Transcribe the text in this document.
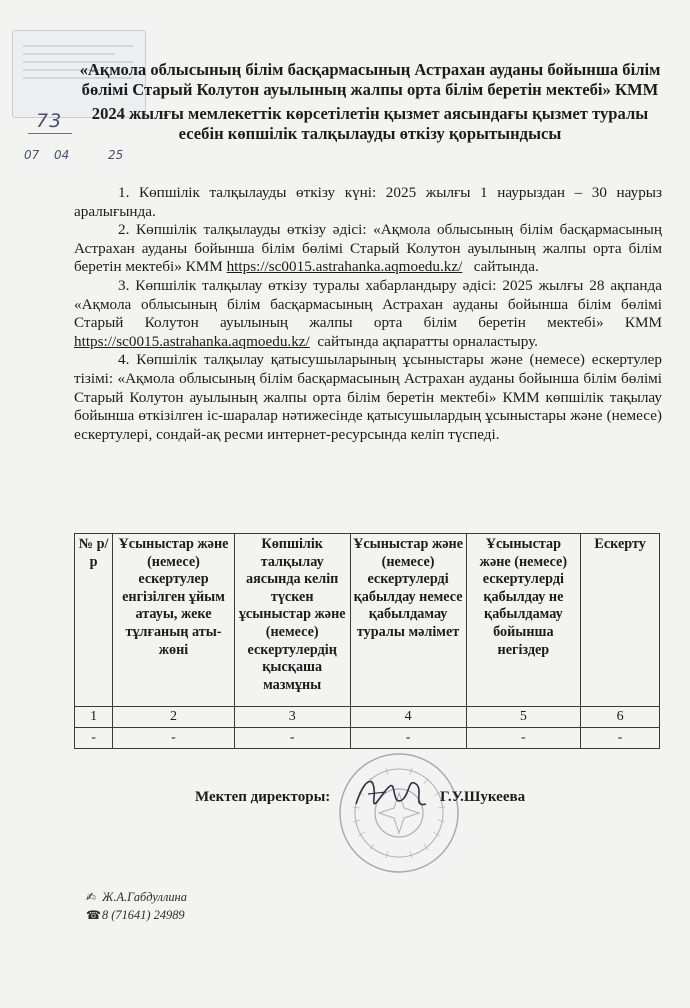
73
07 04	25
«Ақмола облысының білім басқармасының Астрахан ауданы бойынша білім бөлімі Старый Колутон ауылының жалпы орта білім беретін мектебі» КММ
2024 жылғы мемлекеттік көрсетілетін қызмет аясындағы қызмет туралы есебін көпшілік талқылауды өткізу қорытындысы

1. Көпшілік талқылауды өткізу күні: 2025 жылғы 1 наурыздан – 30 наурыз аралығында.

2. Көпшілік талқылауды өткізу әдісі: «Ақмола облысының білім басқармасының Астрахан ауданы бойынша білім бөлімі Старый Колутон ауылының жалпы орта білім беретін мектебі» КММ https://sc0015.astrahanka.aqmoedu.kz/ сайтында.

3. Көпшілік талқылау өткізу туралы хабарландыру әдісі: 2025 жылғы 28 ақпанда «Ақмола облысының білім басқармасының Астрахан ауданы бойынша білім бөлімі Старый Колутон ауылының жалпы орта білім беретін мектебі» КММ https://sc0015.astrahanka.aqmoedu.kz/ сайтында ақпаратты орналастыру.

4. Көпшілік талқылау қатысушыларының ұсыныстары және (немесе) ескертулер тізімі: «Ақмола облысының білім басқармасының Астрахан ауданы бойынша білім бөлімі Старый Колутон ауылының жалпы орта білім беретін мектебі» КММ көпшілік тақылау бойынша өткізілген іс-шаралар нәтижесінде қатысушылардың ұсыныстары және (немесе) ескертулері, сондай-ақ ресми интернет-ресурсында келіп түспеді.

№ р/р	Ұсыныстар және (немесе) ескертулер енгізілген ұйым атауы, жеке тұлғаның аты-жөні	Көпшілік талқылау аясында келіп түскен ұсыныстар және (немесе) ескертулердің қысқаша мазмұны	Ұсыныстар және (немесе) ескертулерді қабылдау немесе қабылдамау туралы мәлімет	Ұсыныстар және (немесе) ескертулерді қабылдау не қабылдамау бойынша негіздер	Ескерту
1	2	3	4	5	6
-	-	-	-	-	-
Мектеп директоры:	Г.У.Шукеева
✍ Ж.А.Габдуллина
☎ 8 (71641) 24989
